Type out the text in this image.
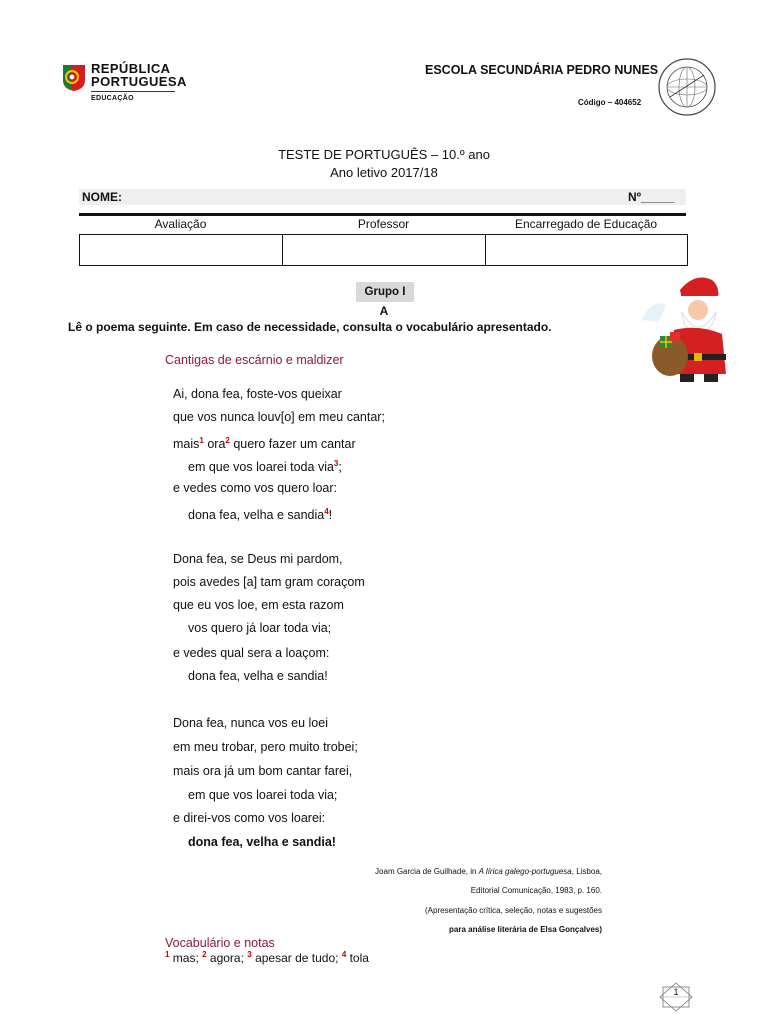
REPÚBLICA
PORTUGUESA
EDUCAÇÃO
ESCOLA SECUNDÁRIA PEDRO NUNES
Código – 404652
TESTE DE PORTUGUÊS – 10.º ano
Ano letivo 2017/18
NOME:	Nº_____
Avaliação	Professor	Encarregado de Educação
Grupo I
A
Lê o poema seguinte. Em caso de necessidade, consulta o vocabulário apresentado.
Cantigas de escárnio e maldizer
Ai, dona fea, foste-vos queixar
que vos nunca louv[o] em meu cantar;
mais$^1$ ora$^2$ quero fazer um cantar
em que vos loarei toda via$^3$;
e vedes como vos quero loar:
dona fea, velha e sandia$^4$!
Dona fea, se Deus mi pardom,
pois avedes [a] tam gram coraçom
que eu vos loe, em esta razom
vos quero já loar toda via;
e vedes qual sera a loaçom:
dona fea, velha e sandia!
Dona fea, nunca vos eu loei
em meu trobar, pero muito trobei;
mais ora já um bom cantar farei,
em que vos loarei toda via;
e direi-vos como vos loarei:
dona fea, velha e sandia!
Joam Garcia de Guilhade, in A lírica galego-portuguesa, Lisboa,
Editorial Comunicação, 1983, p. 160.
(Apresentação crítica, seleção, notas e sugestões
para análise literária de Elsa Gonçalves)
Vocabulário e notas
$^1$ mas; $^2$ agora; $^3$ apesar de tudo; $^4$ tola
1
